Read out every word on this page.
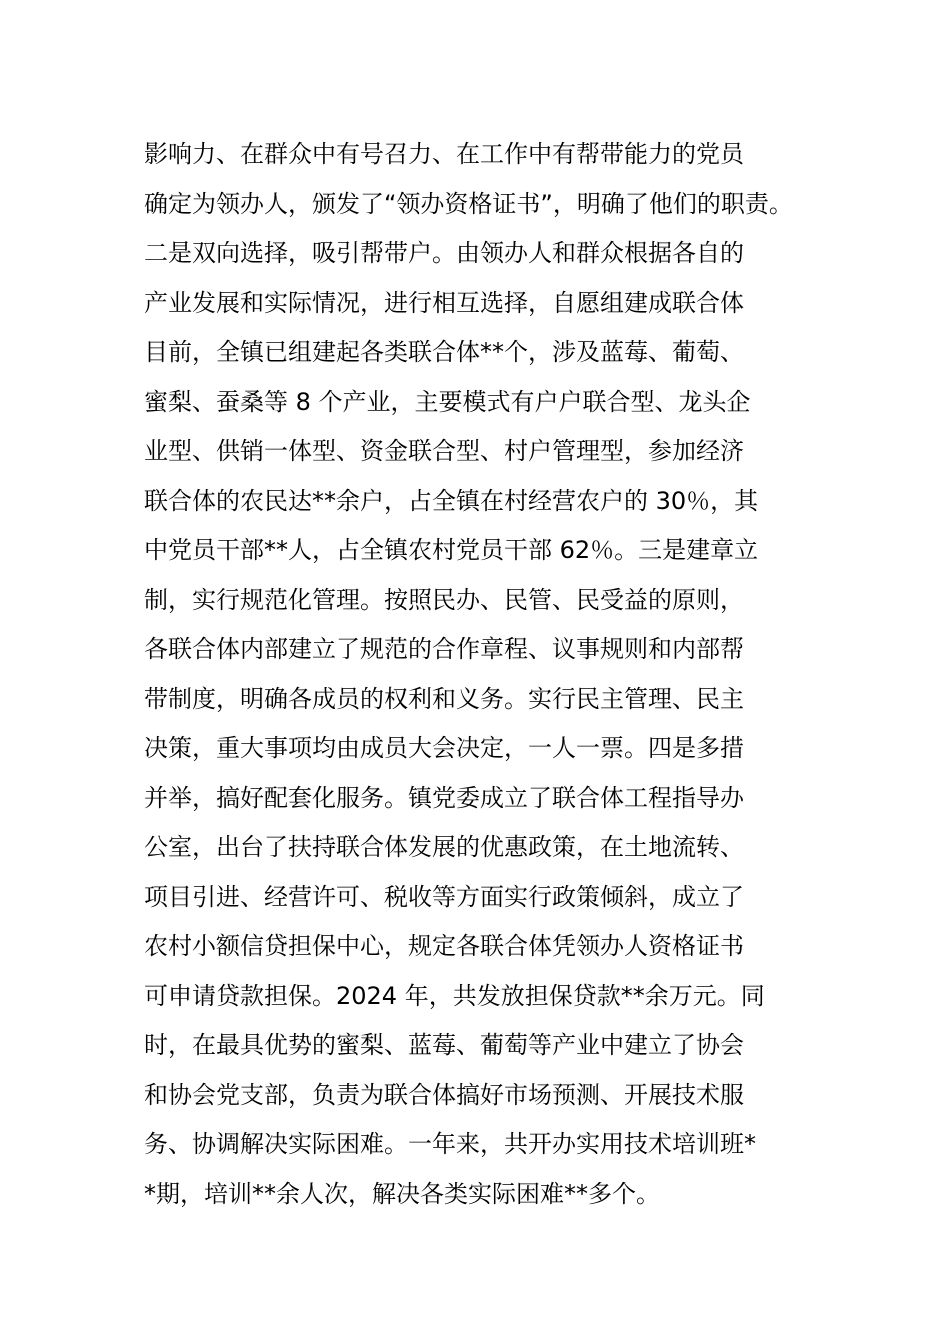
影响力、在群众中有号召力、在工作中有帮带能力的党员
确定为领办人，颁发了“领办资格证书”，明确了他们的职责。
二是双向选择，吸引帮带户。由领办人和群众根据各自的
产业发展和实际情况，进行相互选择，自愿组建成联合体
目前，全镇已组建起各类联合体**个，涉及蓝莓、葡萄、
蜜梨、蚕桑等 8 个产业，主要模式有户户联合型、龙头企
业型、供销一体型、资金联合型、村户管理型，参加经济
联合体的农民达**余户，占全镇在村经营农户的 30％，其
中党员干部**人，占全镇农村党员干部 62％。三是建章立
制，实行规范化管理。按照民办、民管、民受益的原则，
各联合体内部建立了规范的合作章程、议事规则和内部帮
带制度，明确各成员的权利和义务。实行民主管理、民主
决策，重大事项均由成员大会决定，一人一票。四是多措
并举，搞好配套化服务。镇党委成立了联合体工程指导办
公室，出台了扶持联合体发展的优惠政策，在土地流转、
项目引进、经营许可、税收等方面实行政策倾斜，成立了
农村小额信贷担保中心，规定各联合体凭领办人资格证书
可申请贷款担保。2024 年，共发放担保贷款**余万元。同
时，在最具优势的蜜梨、蓝莓、葡萄等产业中建立了协会
和协会党支部，负责为联合体搞好市场预测、开展技术服
务、协调解决实际困难。一年来，共开办实用技术培训班*
*期，培训**余人次，解决各类实际困难**多个。
